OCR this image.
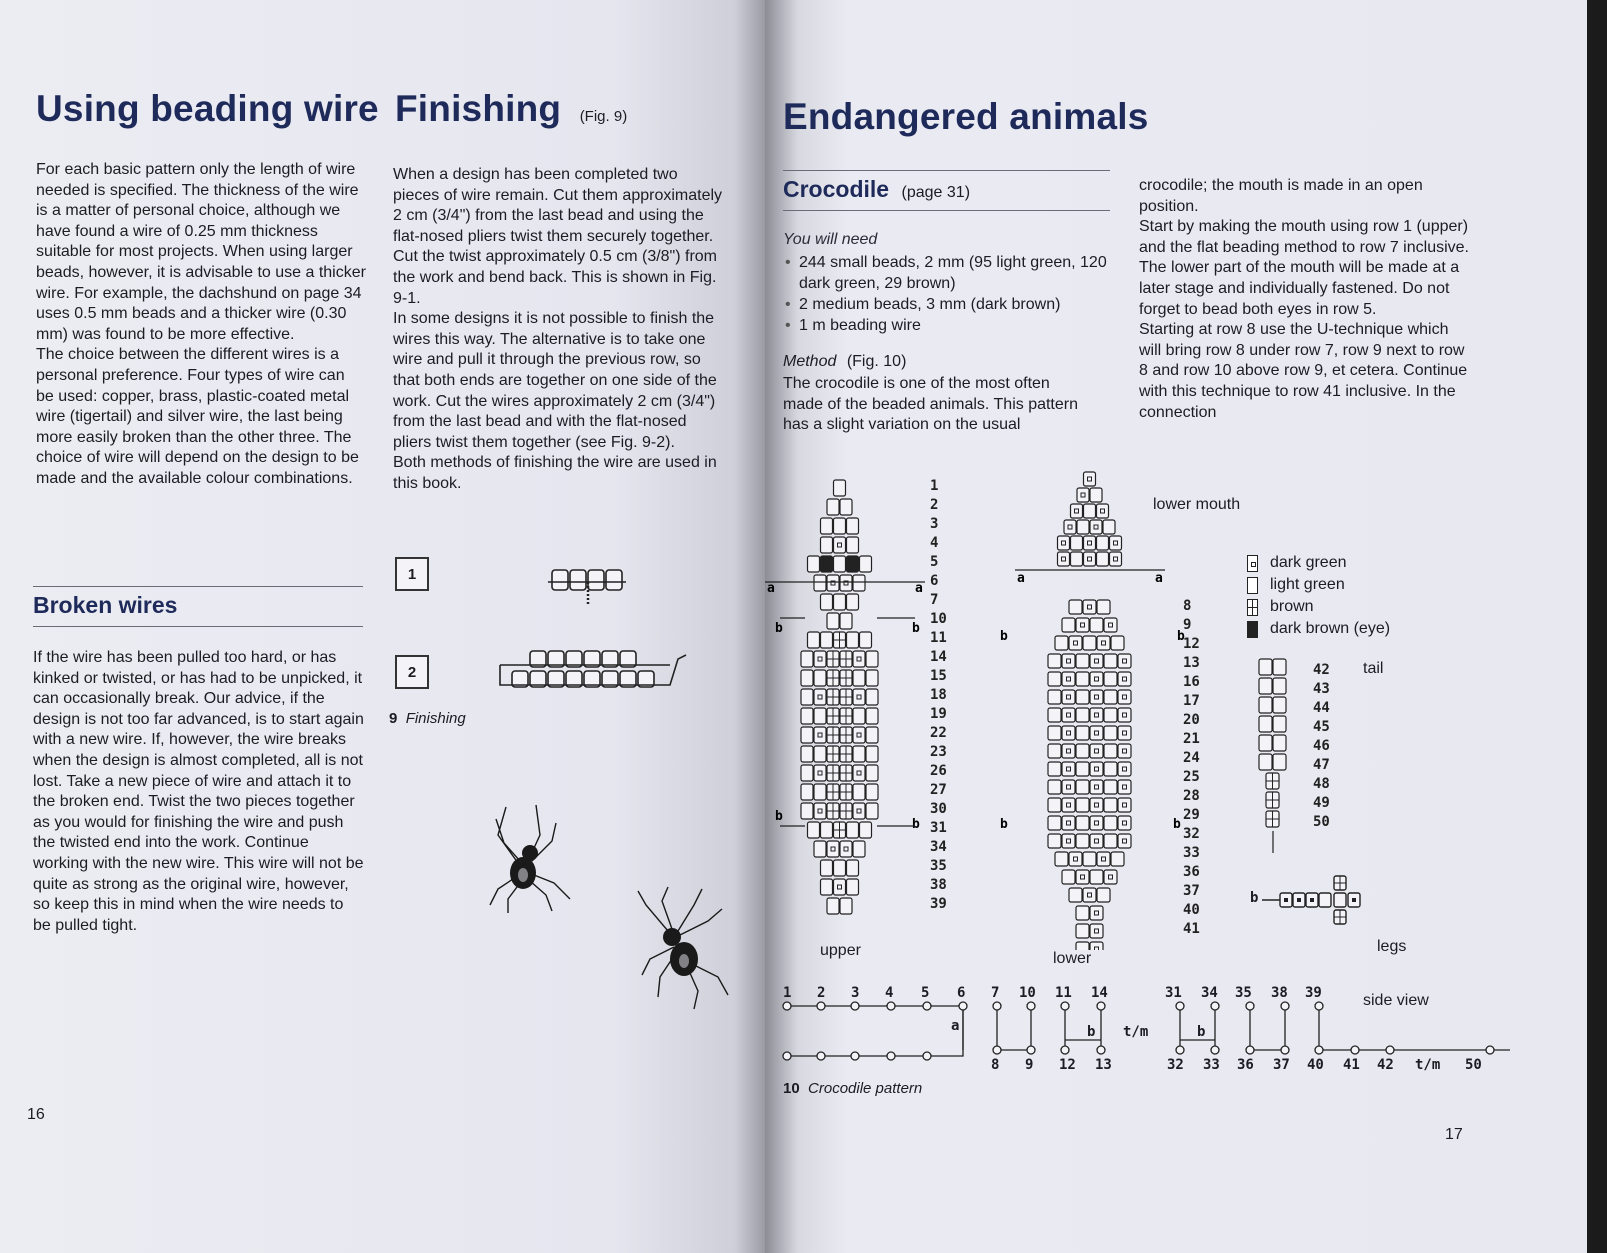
Using beading wire

For each basic pattern only the length of wire needed is specified. The thickness of the wire is a matter of personal choice, although we have found a wire of 0.25 mm thickness suitable for most projects. When using larger beads, however, it is advisable to use a thicker wire. For example, the dachshund on page 34 uses 0.5 mm beads and a thicker wire (0.30 mm) was found to be more effective.

The choice between the different wires is a personal preference. Four types of wire can be used: copper, brass, plastic-coated metal wire (tigertail) and silver wire, the last being more easily broken than the other three. The choice of wire will depend on the design to be made and the available colour combinations.

Broken wires

If the wire has been pulled too hard, or has kinked or twisted, or has had to be unpicked, it can occasionally break. Our advice, if the design is not too far advanced, is to start again with a new wire. If, however, the wire breaks when the design is almost completed, all is not lost. Take a new piece of wire and attach it to the broken end. Twist the two pieces together as you would for finishing the wire and push the twisted end into the work. Continue working with the new wire. This wire will not be quite as strong as the original wire, however, so keep this in mind when the wire needs to be pulled tight.

Finishing (Fig. 9)

When a design has been completed two pieces of wire remain. Cut them approximately 2 cm (3/4") from the last bead and using the flat-nosed pliers twist them securely together. Cut the twist approximately 0.5 cm (3/8") from the work and bend back. This is shown in Fig. 9-1.

In some designs it is not possible to finish the wires this way. The alternative is to take one wire and pull it through the previous row, so that both ends are together on one side of the work. Cut the wires approximately 2 cm (3/4") from the last bead and with the flat-nosed pliers twist them together (see Fig. 9-2).

Both methods of finishing the wire are used in this book.

1
2
9 Finishing
16
Endangered animals
Crocodile (page 31)
You will need
• 244 small beads, 2 mm (95 light green, 120 dark green, 29 brown)
• 2 medium beads, 3 mm (dark brown)
• 1 m beading wire
Method (Fig. 10)
The crocodile is one of the most often made of the beaded animals. This pattern has a slight variation on the usual

crocodile; the mouth is made in an open position.

Start by making the mouth using row 1 (upper) and the flat beading method to row 7 inclusive. The lower part of the mouth will be made at a later stage and individually fastened. Do not forget to bead both eyes in row 5.

Starting at row 8 use the U-technique which will bring row 8 under row 7, row 9 next to row 8 and row 10 above row 9, et cetera. Continue with this technique to row 41 inclusive. In the connection

a	a
b	b
b
b
1
2
3
4
5
6
7
10
11
14
15
18
19
22
23
26
27
30
31
34
35
38
39
upper
a	a
b	b
b	b
8
9
12
13
16
17
20
21
24
25
28
29
32
33
36
37
40
41
lower
lower mouth
dark green
light green
brown
dark brown (eye)
42
43
44
45
46
47
48
49
50
tail
b
legs
side view
1 2 3 4 5 6 7 10 11 14	31 34 35 38 39
8 9 12 13	32 33 36 37 40 41 42 t/m 50
a	b	b
t/m
10 Crocodile pattern
17
